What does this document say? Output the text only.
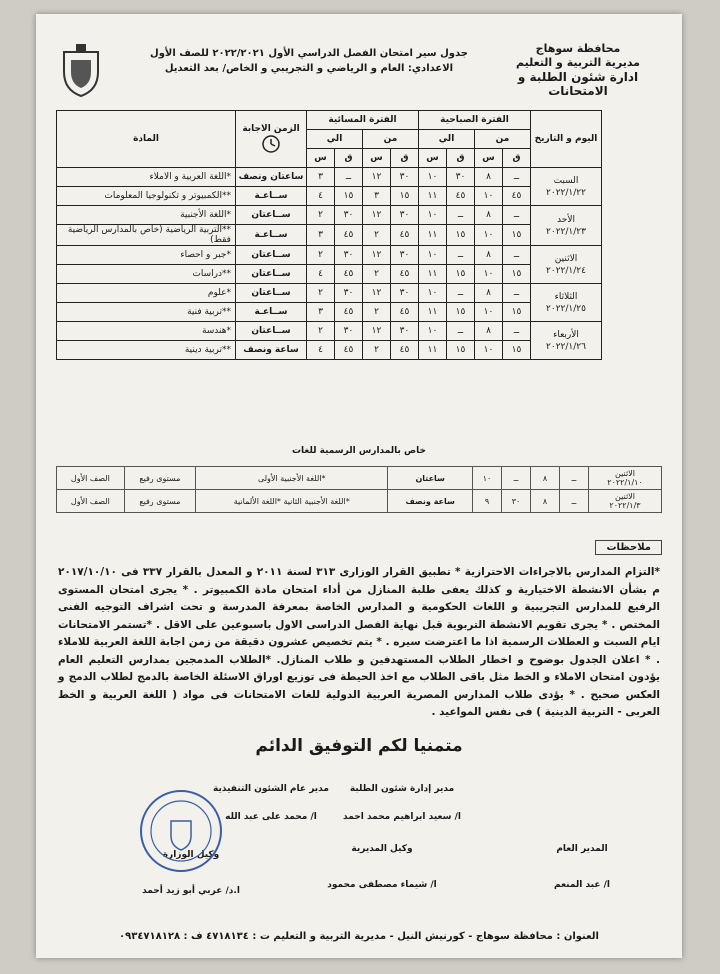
محافظة سوهاج
مديرية التربية و التعليم
ادارة شئون الطلبة و الامتحانات
جدول سير امتحان الفصل الدراسي الأول ٢٠٢٢/٢٠٢١ للصف الأول
الاعدادي: العام و الرياضي و التجريبي و الخاص/ بعد التعديل
اليوم و التاريخ	الفترة الصباحية				الفترة المسائية				الزمن الاجابة	المادة
	من		الي		من		الي			
	ق	س	ق	س	ق	س	ق	س		

السبت
٢٠٢٢/١/٢٢	ــ	٨	٣٠	١٠	٣٠	١٢	ــ	٣	ساعتان ونصف	*اللغة العربية و الاملاء
	٤٥	١٠	٤٥	١١	١٥	٣	١٥	٤	ســاعـة	**الكمبيوتر و تكنولوجيا المعلومات

الأحد
٢٠٢٢/١/٢٣	ــ	٨	ــ	١٠	٣٠	١٢	٣٠	٢	ســاعتان	*اللغة الأجنبية
	١٥	١٠	١٥	١١	٤٥	٢	٤٥	٣	ســاعـة	**التربية الرياضية (خاص بالمدارس الرياضية فقط)

الاثنين
٢٠٢٢/١/٢٤	ــ	٨	ــ	١٠	٣٠	١٢	٣٠	٢	ســاعتان	*جبر و احصاء
	١٥	١٠	١٥	١١	٤٥	٢	٤٥	٤	ســاعتان	**دراسات

الثلاثاء
٢٠٢٢/١/٢٥	ــ	٨	ــ	١٠	٣٠	١٢	٣٠	٢	ســاعتان	*علوم
	١٥	١٠	١٥	١١	٤٥	٢	٤٥	٣	ســاعـة	**تربية فنية

الأربعاء
٢٠٢٢/١/٢٦	ــ	٨	ــ	١٠	٣٠	١٢	٣٠	٢	ســاعتان	*هندسة
	١٥	١٠	١٥	١١	٤٥	٢	٤٥	٤	ساعة ونصف	**تربية دينية
خاص بالمدارس الرسمية للغات
الاثنين
٢٠٢٢/١/١٠	ــ	٨	ــ	١٠	ساعتان	*اللغة الأجنبية الأولى	مستوى رفيع	الصف الأول

الاثنين
٢٠٢٢/١/٣	ــ	٨	٣٠	٩	ساعة ونصف	*اللغة الأجنبية الثانية *اللغة الألمانية	مستوى رفيع	الصف الأول
ملاحظات
*التزام المدارس بالاجراءات الاحترازية * تطبيق القرار الوزارى ٣١٣ لسنة ٢٠١١ و المعدل بالقرار ٣٣٧ فى ٢٠١٧/١٠/١٠ م بشأن الانشطة الاختيارية و كذلك يعفى طلبة المنازل من أداء امتحان مادة الكمبيوتر . * يجرى امتحان المستوى الرفيع للمدارس التجريبية و اللغات الحكومية و المدارس الخاصة بمعرفة المدرسة و تحت اشراف التوجيه الفنى المختص . * يجرى تقويم الانشطة التربوية قبل نهاية الفصل الدراسى الاول باسبوعين على الاقل . *تستمر الامتحانات ايام السبت و العطلات الرسمية اذا ما اعترضت سيره . * يتم تخصيص عشرون دقيقة من زمن اجابة اللغة العربية للاملاء . * اعلان الجدول بوضوح و اخطار الطلاب المستهدفين و طلاب المنازل. *الطلاب المدمجين بمدارس التعليم العام يؤدون امتحان الاملاء و الخط مثل باقى الطلاب مع اخذ الحيطة فى توزيع اوراق الاسئلة الخاصة بالدمج لطلاب الدمج و العكس صحيح . * يؤدى طلاب المدارس المصرية العربية الدولية للغات الامتحانات فى مواد ( اللغة العربية و الخط العربى - التربية الدينية ) فى نفس المواعيد .
متمنيا لكم التوفيق الدائم
مدير إدارة شئون الطلبة
ا/ سعيد ابراهيم محمد احمد
مدير عام الشئون التنفيذية
ا/ محمد على عبد الله
المدير العام
ا/ عبد المنعم
وكيل المديرية
ا/ شيماء مصطفى محمود
وكيل الوزارة
ا.د/ عربي أبو زيد أحمد
العنوان : محافظة سوهاج - كورنيش النيل - مديرية التربية و التعليم ت : ٤٧١٨١٣٤ ف : ٠٩٣٤٧١٨١٢٨
